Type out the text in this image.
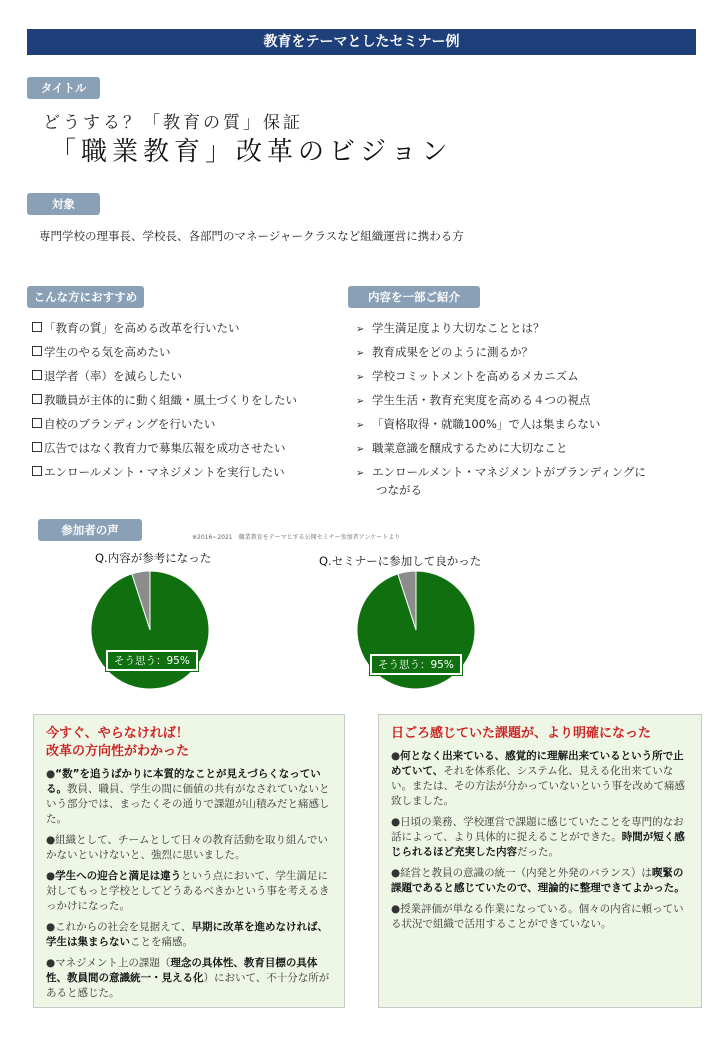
教育をテーマとしたセミナー例
タイトル
どうする？「教育の質」保証
「職業教育」改革のビジョン
対象
専門学校の理事長、学校長、各部門のマネージャークラスなど組織運営に携わる方
こんな方におすすめ	内容を一部ご紹介
「教育の質」を高める改革を行いたい
学生のやる気を高めたい
退学者（率）を減らしたい
教職員が主体的に動く組織・風土づくりをしたい
自校のブランディングを行いたい
広告ではなく教育力で募集広報を成功させたい
エンロールメント・マネジメントを実行したい
➢ 学生満足度より大切なこととは？
➢ 教育成果をどのように測るか？
➢ 学校コミットメントを高めるメカニズム
➢ 学生生活・教育充実度を高める４つの視点
➢ 「資格取得・就職100%」で人は集まらない
➢ 職業意識を醸成するために大切なこと
➢ エンロールメント・マネジメントがブランディングに
つながる
参加者の声
※2016~2021　職業教育をテーマとする公開セミナー参加者アンケートより
Q.内容が参考になった	Q.セミナーに参加して良かった
そう思う：95%	そう思う：95%
今すぐ、やらなければ！
改革の方向性がわかった
●“数”を追うばかりに本質的なことが見えづらくなっている。教員、職員、学生の間に価値の共有がなされていないという部分では、まったくその通りで課題が山積みだと痛感した。
●組織として、チームとして日々の教育活動を取り組んでいかないといけないと、強烈に思いました。
●学生への迎合と満足は違うという点において、学生満足に対してもっと学校としてどうあるべきかという事を考えるきっかけになった。
●これからの社会を見据えて、早期に改革を進めなければ、学生は集まらないことを痛感。
●マネジメント上の課題（理念の具体性、教育目標の具体性、教員間の意識統一・見える化）において、不十分な所があると感じた。
日ごろ感じていた課題が、より明確になった
●何となく出来ている、感覚的に理解出来ているという所で止めていて、それを体系化、システム化、見える化出来ていない。または、その方法が分かっていないという事を改めて痛感致しました。
●日頃の業務、学校運営で課題に感じていたことを専門的なお話によって、より具体的に捉えることができた。時間が短く感じられるほど充実した内容だった。
●経営と教員の意識の統一（内発と外発のバランス）は喫緊の課題であると感じていたので、理論的に整理できてよかった。
●授業評価が単なる作業になっている。個々の内省に頼っている状況で組織で活用することができていない。
